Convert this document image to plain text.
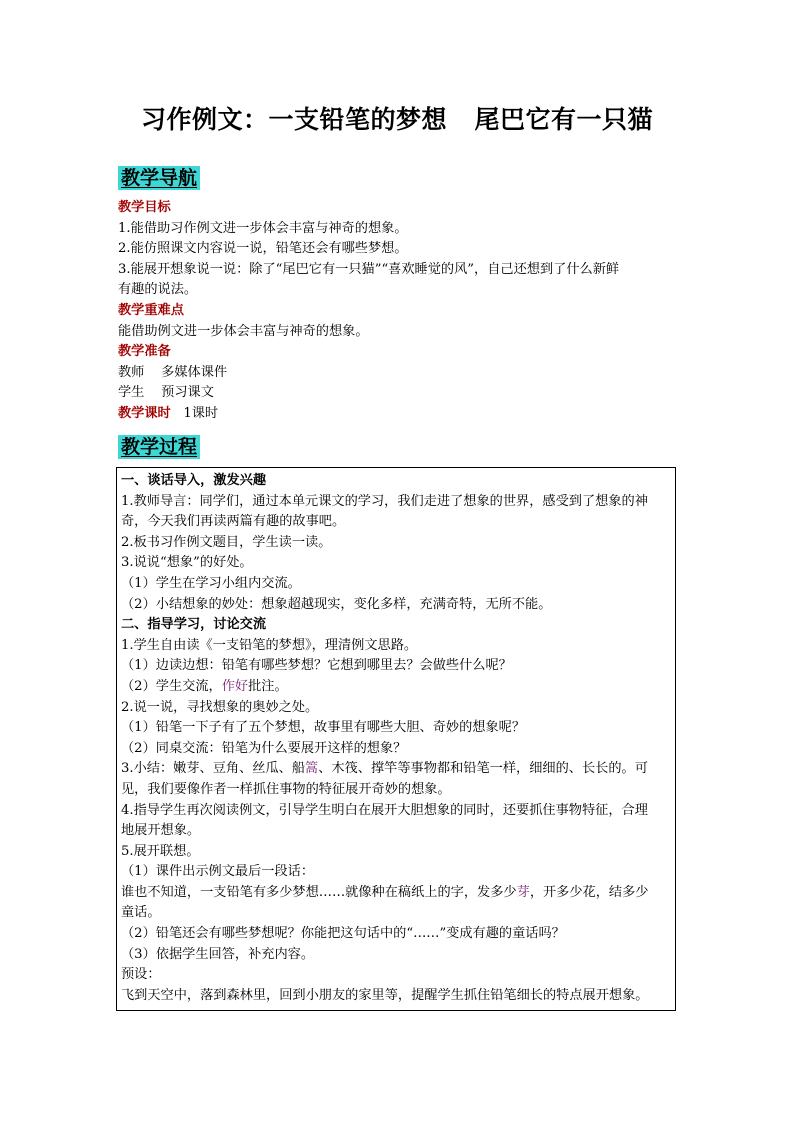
习作例文：一支铅笔的梦想   尾巴它有一只猫
教学导航
教学目标
1.能借助习作例文进一步体会丰富与神奇的想象。
2.能仿照课文内容说一说，铅笔还会有哪些梦想。
3.能展开想象说一说：除了“尾巴它有一只猫”“喜欢睡觉的风”，自己还想到了什么新鲜
有趣的说法。
教学重难点
能借助例文进一步体会丰富与神奇的想象。
教学准备
教师    多媒体课件
学生    预习课文
教学课时 1课时
教学过程
一、谈话导入，激发兴趣
1.教师导言：同学们，通过本单元课文的学习，我们走进了想象的世界，感受到了想象的神
奇，今天我们再读两篇有趣的故事吧。
2.板书习作例文题目，学生读一读。
3.说说“想象”的好处。
（1）学生在学习小组内交流。
（2）小结想象的妙处：想象超越现实，变化多样，充满奇特，无所不能。
二、指导学习，讨论交流
1.学生自由读《一支铅笔的梦想》，理清例文思路。
（1）边读边想：铅笔有哪些梦想？它想到哪里去？会做些什么呢？
（2）学生交流，作好批注。
2.说一说，寻找想象的奥妙之处。
（1）铅笔一下子有了五个梦想，故事里有哪些大胆、奇妙的想象呢？
（2）同桌交流：铅笔为什么要展开这样的想象？
3.小结：嫩芽、豆角、丝瓜、船篙、木筏、撑竿等事物都和铅笔一样，细细的、长长的。可
见，我们要像作者一样抓住事物的特征展开奇妙的想象。
4.指导学生再次阅读例文，引导学生明白在展开大胆想象的同时，还要抓住事物特征，合理
地展开想象。
5.展开联想。
（1）课件出示例文最后一段话：
谁也不知道，一支铅笔有多少梦想……就像种在稿纸上的字，发多少芽，开多少花，结多少
童话。
（2）铅笔还会有哪些梦想呢？你能把这句话中的“……”变成有趣的童话吗？
（3）依据学生回答，补充内容。
预设：
飞到天空中，落到森林里，回到小朋友的家里等，提醒学生抓住铅笔细长的特点展开想象。
